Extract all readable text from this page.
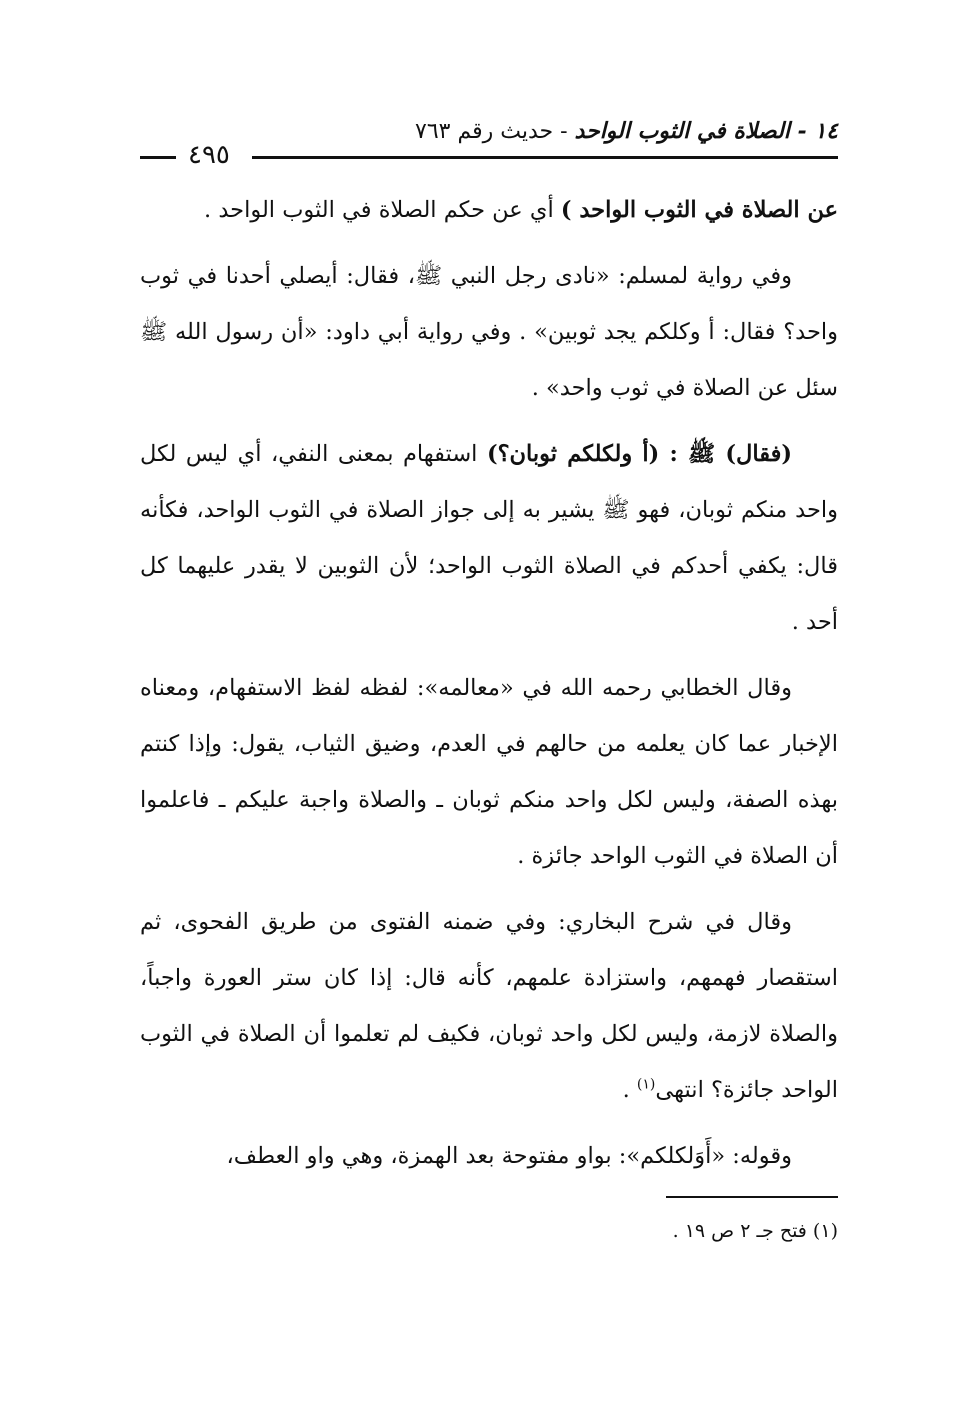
١٤ - الصلاة في الثوب الواحد - حديث رقم ٧٦٣
٤٩٥

عن الصلاة في الثوب الواحد ) أي عن حكم الصلاة في الثوب الواحد .

وفي رواية لمسلم: «نادى رجل النبي ﷺ، فقال: أيصلي أحدنا في ثوب واحد؟ فقال: أ وكلكم يجد ثوبين» . وفي رواية أبي داود: «أن رسول الله ﷺ سئل عن الصلاة في ثوب واحد» .

(فقال) ﷺ : (أ ولكلكم ثوبان؟) استفهام بمعنى النفي، أي ليس لكل واحد منكم ثوبان، فهو ﷺ يشير به إلى جواز الصلاة في الثوب الواحد، فكأنه قال: يكفي أحدكم في الصلاة الثوب الواحد؛ لأن الثوبين لا يقدر عليهما كل أحد .

وقال الخطابي رحمه الله في «معالمه»: لفظه لفظ الاستفهام، ومعناه الإخبار عما كان يعلمه من حالهم في العدم، وضيق الثياب، يقول: وإذا كنتم بهذه الصفة، وليس لكل واحد منكم ثوبان ـ والصلاة واجبة عليكم ـ فاعلموا أن الصلاة في الثوب الواحد جائزة .

وقال في شرح البخاري: وفي ضمنه الفتوى من طريق الفحوى، ثم استقصار فهمهم، واستزادة علمهم، كأنه قال: إذا كان ستر العورة واجباً، والصلاة لازمة، وليس لكل واحد ثوبان، فكيف لم تعلموا أن الصلاة في الثوب الواحد جائزة؟ انتهى$^{(١)}$ .

وقوله: «أَوَلكلكم»: بواو مفتوحة بعد الهمزة، وهي واو العطف،

(١) فتح جـ ٢ ص ١٩ .
